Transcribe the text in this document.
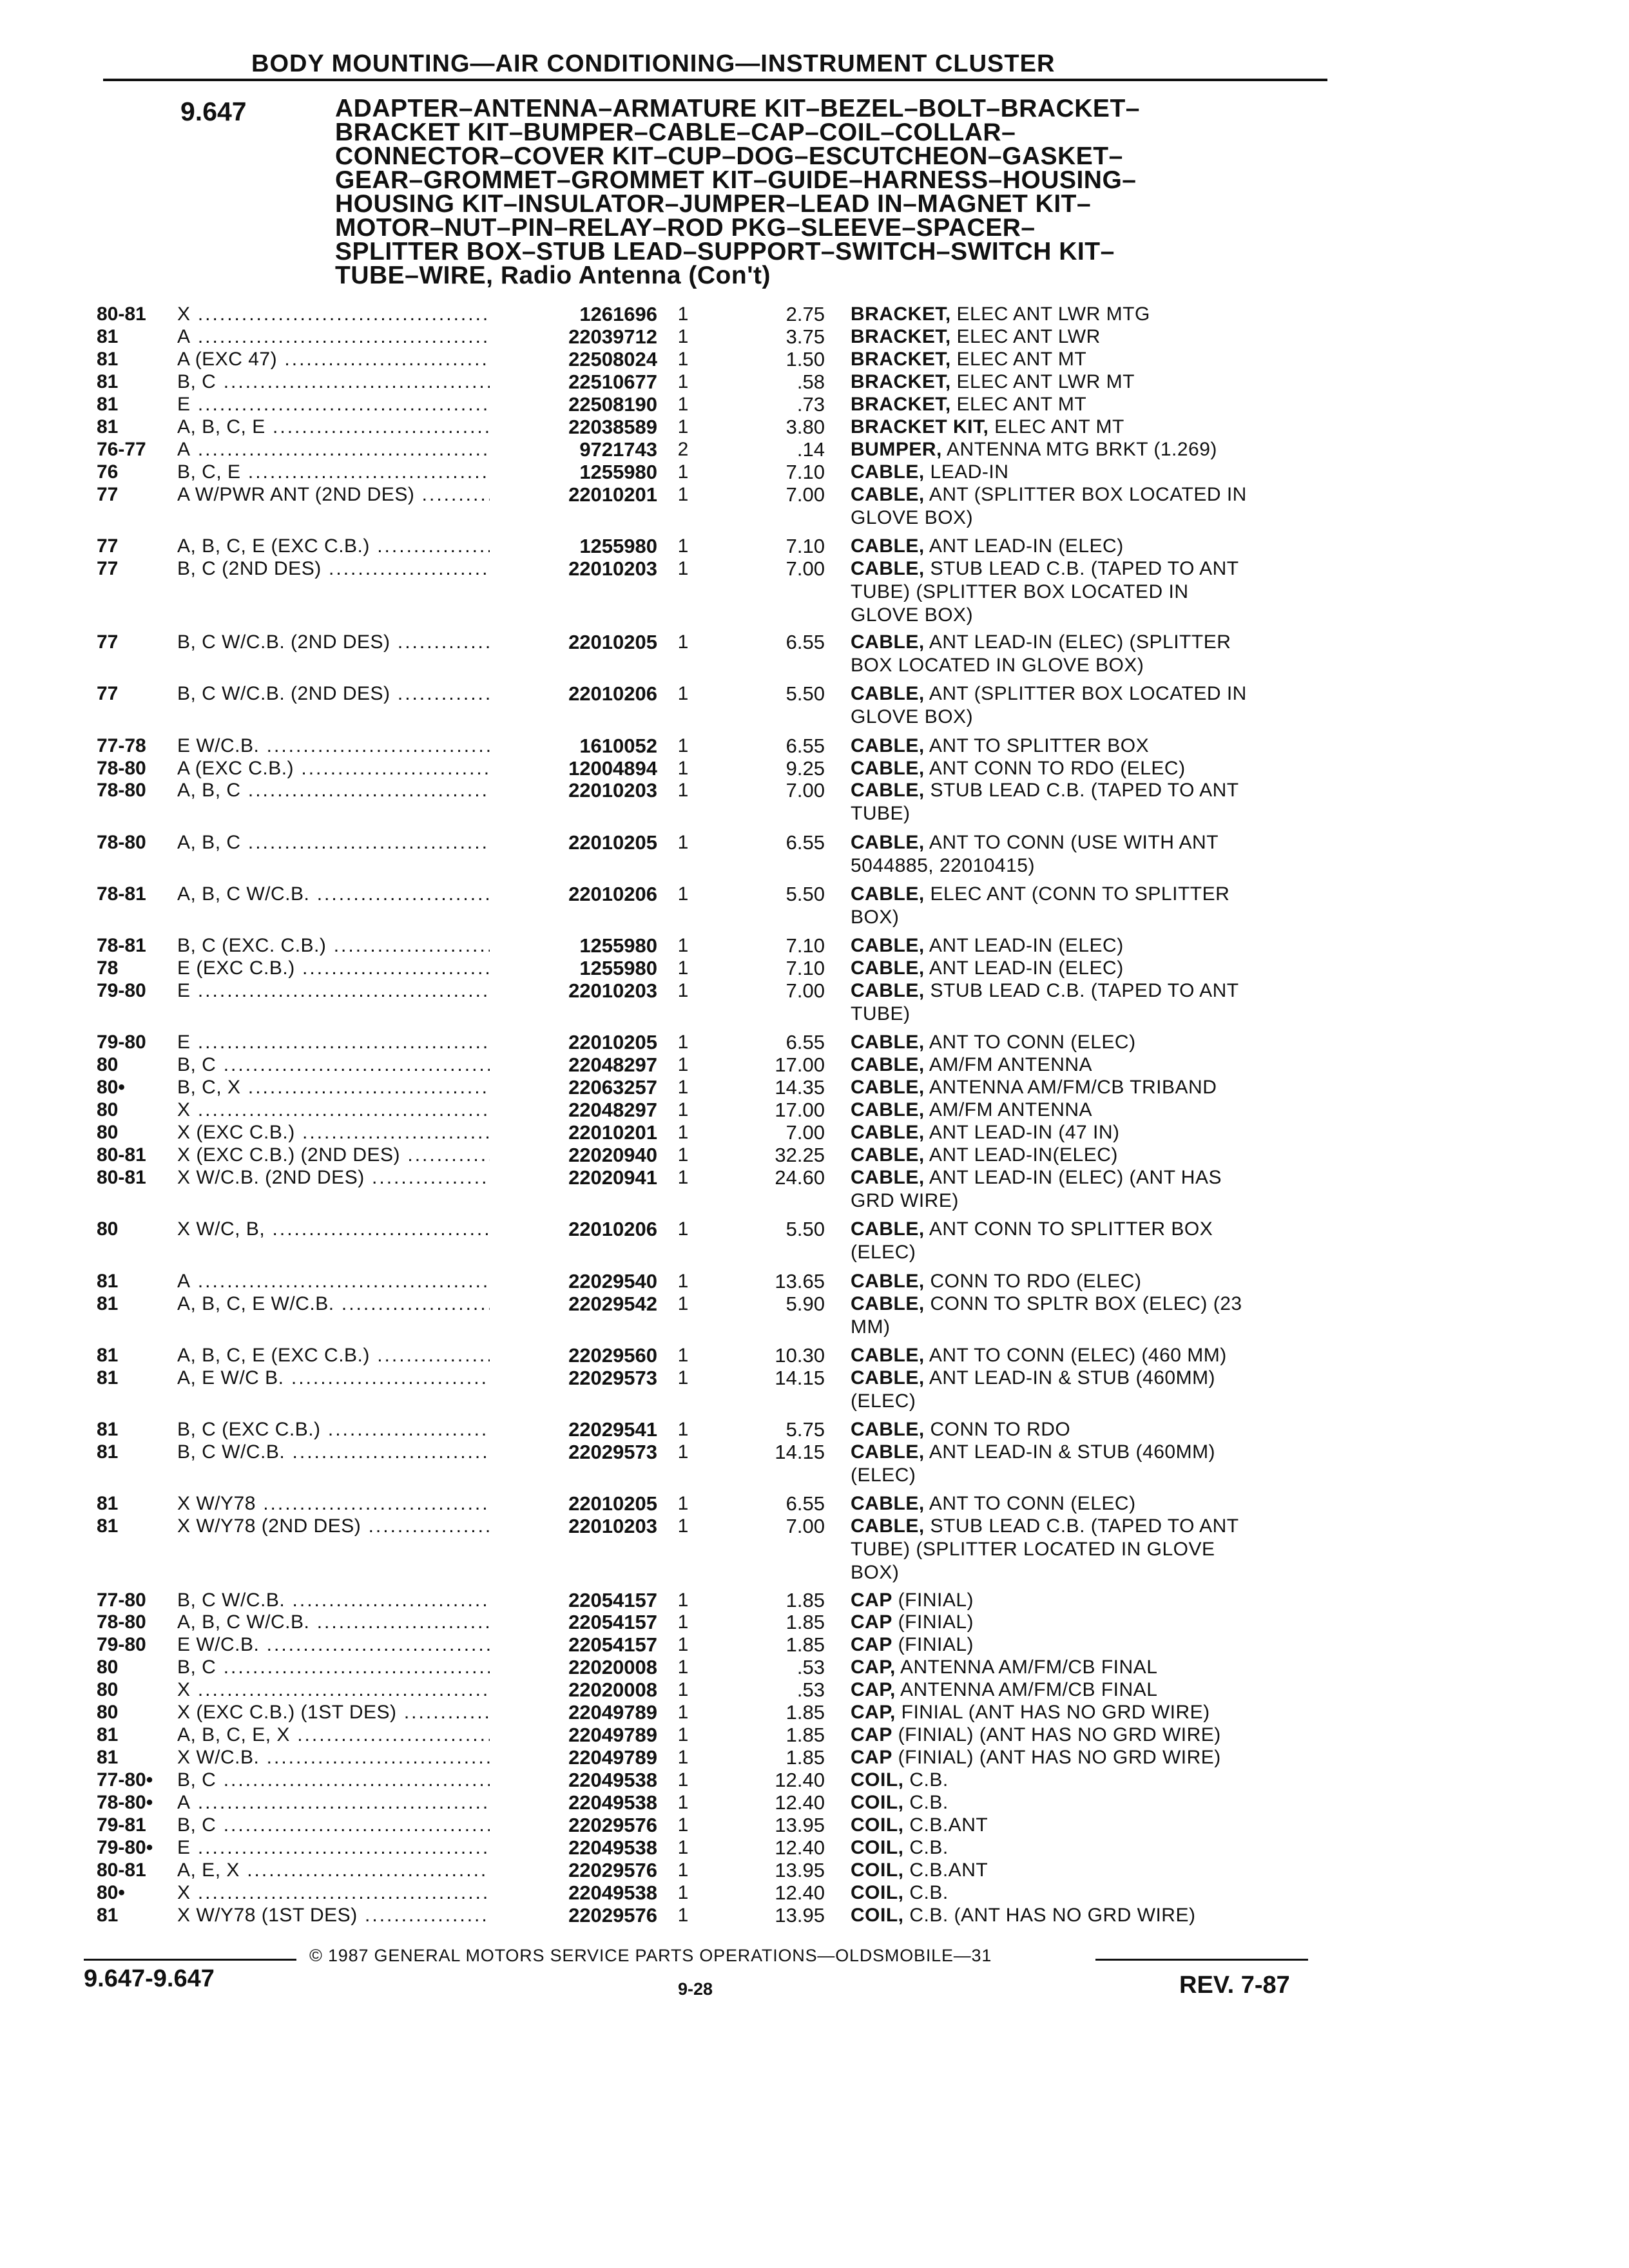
BODY MOUNTING—AIR CONDITIONING—INSTRUMENT CLUSTER
9.647	ADAPTER–ANTENNA–ARMATURE KIT–BEZEL–BOLT–BRACKET–
BRACKET KIT–BUMPER–CABLE–CAP–COIL–COLLAR–
CONNECTOR–COVER KIT–CUP–DOG–ESCUTCHEON–GASKET–
GEAR–GROMMET–GROMMET KIT–GUIDE–HARNESS–HOUSING–
HOUSING KIT–INSULATOR–JUMPER–LEAD IN–MAGNET KIT–
MOTOR–NUT–PIN–RELAY–ROD PKG–SLEEVE–SPACER–
SPLITTER BOX–STUB LEAD–SUPPORT–SWITCH–SWITCH KIT–
TUBE–WIRE, Radio Antenna (Con't)
80-81	X .....	1261696	1	2.75 BRACKET, ELEC ANT LWR MTG
81	A .....	22039712	1	3.75 BRACKET, ELEC ANT LWR
81	A (EXC 47) .....	22508024	1	1.50 BRACKET, ELEC ANT MT
81	B, C .....	22510677	1	.58 BRACKET, ELEC ANT LWR MT
81	E .....	22508190	1	.73 BRACKET, ELEC ANT MT
81	A, B, C, E .....	22038589	1	3.80 BRACKET KIT, ELEC ANT MT
76-77	A .....	9721743	2	.14 BUMPER, ANTENNA MTG BRKT (1.269)
76	B, C, E .....	1255980	1	7.10 CABLE, LEAD-IN
77	A W/PWR ANT (2ND DES) .....	22010201	1	7.00 CABLE, ANT (SPLITTER BOX LOCATED IN
GLOVE BOX)
77	A, B, C, E (EXC C.B.) .....	1255980	1	7.10 CABLE, ANT LEAD-IN (ELEC)
77	B, C (2ND DES) .....	22010203	1	7.00 CABLE, STUB LEAD C.B. (TAPED TO ANT
TUBE) (SPLITTER BOX LOCATED IN
GLOVE BOX)
77	B, C W/C.B. (2ND DES) .....	22010205	1	6.55 CABLE, ANT LEAD-IN (ELEC) (SPLITTER
BOX LOCATED IN GLOVE BOX)
77	B, C W/C.B. (2ND DES) .....	22010206	1	5.50 CABLE, ANT (SPLITTER BOX LOCATED IN
GLOVE BOX)
77-78	E W/C.B. .....	1610052	1	6.55 CABLE, ANT TO SPLITTER BOX
78-80	A (EXC C.B.) .....	12004894	1	9.25 CABLE, ANT CONN TO RDO (ELEC)
78-80	A, B, C .....	22010203	1	7.00 CABLE, STUB LEAD C.B. (TAPED TO ANT
TUBE)
78-80	A, B, C .....	22010205	1	6.55 CABLE, ANT TO CONN (USE WITH ANT
5044885, 22010415)
78-81	A, B, C W/C.B. .....	22010206	1	5.50 CABLE, ELEC ANT (CONN TO SPLITTER
BOX)
78-81	B, C (EXC. C.B.) .....	1255980	1	7.10 CABLE, ANT LEAD-IN (ELEC)
78	E (EXC C.B.) .....	1255980	1	7.10 CABLE, ANT LEAD-IN (ELEC)
79-80	E .....	22010203	1	7.00 CABLE, STUB LEAD C.B. (TAPED TO ANT
TUBE)
79-80	E .....	22010205	1	6.55 CABLE, ANT TO CONN (ELEC)
80	B, C .....	22048297	1	17.00 CABLE, AM/FM ANTENNA
80•	B, C, X .....	22063257	1	14.35 CABLE, ANTENNA AM/FM/CB TRIBAND
80	X .....	22048297	1	17.00 CABLE, AM/FM ANTENNA
80	X (EXC C.B.) .....	22010201	1	7.00 CABLE, ANT LEAD-IN (47 IN)
80-81	X (EXC C.B.) (2ND DES) .....	22020940	1	32.25 CABLE, ANT LEAD-IN(ELEC)
80-81	X W/C.B. (2ND DES) .....	22020941	1	24.60 CABLE, ANT LEAD-IN (ELEC) (ANT HAS
GRD WIRE)
80	X W/C, B, .....	22010206	1	5.50 CABLE, ANT CONN TO SPLITTER BOX
(ELEC)
81	A .....	22029540	1	13.65 CABLE, CONN TO RDO (ELEC)
81	A, B, C, E W/C.B. .....	22029542	1	5.90 CABLE, CONN TO SPLTR BOX (ELEC) (23
MM)
81	A, B, C, E (EXC C.B.) .....	22029560	1	10.30 CABLE, ANT TO CONN (ELEC) (460 MM)
81	A, E W/C B. .....	22029573	1	14.15 CABLE, ANT LEAD-IN & STUB (460MM)
(ELEC)
81	B, C (EXC C.B.) .....	22029541	1	5.75 CABLE, CONN TO RDO
81	B, C W/C.B. .....	22029573	1	14.15 CABLE, ANT LEAD-IN & STUB (460MM)
(ELEC)
81	X W/Y78 .....	22010205	1	6.55 CABLE, ANT TO CONN (ELEC)
81	X W/Y78 (2ND DES) .....	22010203	1	7.00 CABLE, STUB LEAD C.B. (TAPED TO ANT
TUBE) (SPLITTER LOCATED IN GLOVE
BOX)
77-80	B, C W/C.B. .....	22054157	1	1.85 CAP (FINIAL)
78-80	A, B, C W/C.B. .....	22054157	1	1.85 CAP (FINIAL)
79-80	E W/C.B. .....	22054157	1	1.85 CAP (FINIAL)
80	B, C .....	22020008	1	.53 CAP, ANTENNA AM/FM/CB FINAL
80	X .....	22020008	1	.53 CAP, ANTENNA AM/FM/CB FINAL
80	X (EXC C.B.) (1ST DES) .....	22049789	1	1.85 CAP, FINIAL (ANT HAS NO GRD WIRE)
81	A, B, C, E, X .....	22049789	1	1.85 CAP (FINIAL) (ANT HAS NO GRD WIRE)
81	X W/C.B. .....	22049789	1	1.85 CAP (FINIAL) (ANT HAS NO GRD WIRE)
77-80•	B, C .....	22049538	1	12.40 COIL, C.B.
78-80•	A .....	22049538	1	12.40 COIL, C.B.
79-81	B, C .....	22029576	1	13.95 COIL, C.B.ANT
79-80•	E .....	22049538	1	12.40 COIL, C.B.
80-81	A, E, X .....	22029576	1	13.95 COIL, C.B.ANT
80•	X .....	22049538	1	12.40 COIL, C.B.
81	X W/Y78 (1ST DES) .....	22029576	1	13.95 COIL, C.B. (ANT HAS NO GRD WIRE)
© 1987 GENERAL MOTORS SERVICE PARTS OPERATIONS—OLDSMOBILE—31
9.647-9.647	9-28	REV. 7-87
